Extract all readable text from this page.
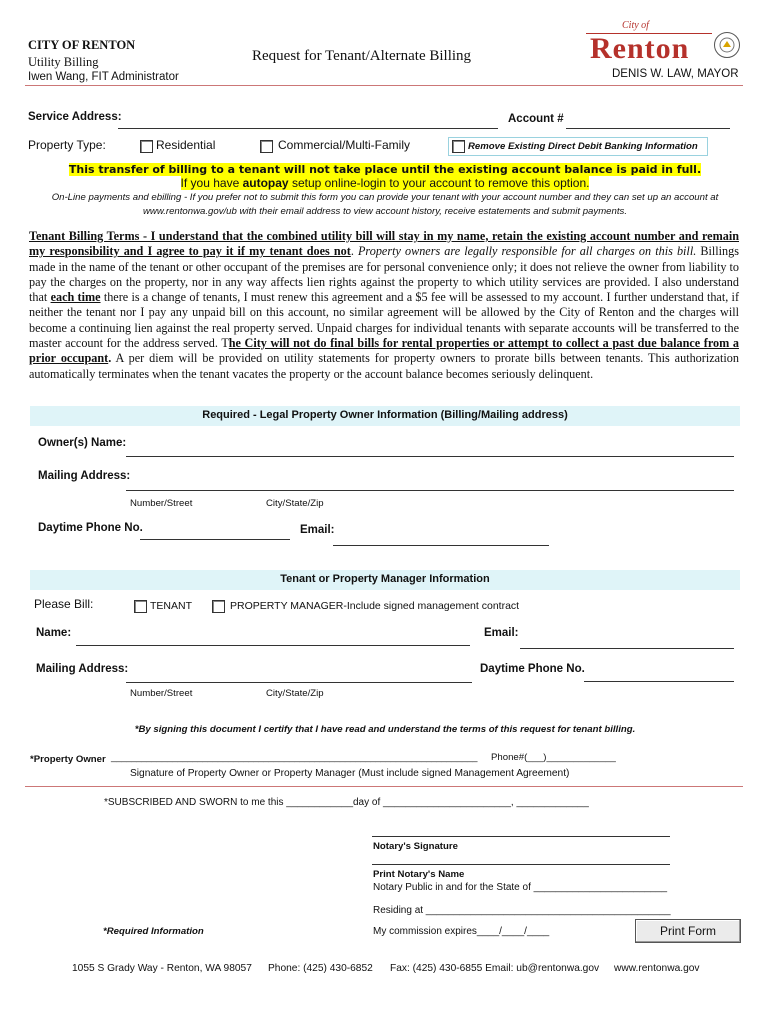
CITY OF RENTON
Utility Billing
Iwen Wang, FIT Administrator
Request for Tenant/Alternate Billing
City of
Renton
DENIS W. LAW, MAYOR
Service Address:	Account #
Property Type:	Residential	Commercial/Multi-Family	Remove Existing Direct Debit Banking Information
This transfer of billing to a tenant will not take place until the existing account balance is paid in full.
If you have autopay setup online-login to your account to remove this option.
On-Line payments and ebilling - If you prefer not to submit this form you can provide your tenant with your account number and they can set up an account at
www.rentonwa.gov/ub with their email address to view account history, receive estatements and submit payments.

Tenant Billing Terms - I understand that the combined utility bill will stay in my name, retain the existing account number and remain my responsibility and I agree to pay it if my tenant does not. Property owners are legally responsible for all charges on this bill. Billings made in the name of the tenant or other occupant of the premises are for personal convenience only; it does not relieve the owner from liability to pay the charges on the property, nor in any way affects lien rights against the property to which utility services are provided. I also understand that each time there is a change of tenants, I must renew this agreement and a $5 fee will be assessed to my account. I further understand that, if neither the tenant nor I pay any unpaid bill on this account, no similar agreement will be allowed by the City of Renton and the charges will become a continuing lien against the real property served. Unpaid charges for individual tenants with separate accounts will be transferred to the master account for the address served. The City will not do final bills for rental properties or attempt to collect a past due balance from a prior occupant. A per diem will be provided on utility statements for property owners to prorate bills between tenants. This authorization automatically terminates when the tenant vacates the property or the account balance becomes seriously delinquent.

Required - Legal Property Owner Information (Billing/Mailing address)
Owner(s) Name:
Mailing Address:
Number/Street	City/State/Zip
Daytime Phone No.	Email:
Tenant or Property Manager Information
Please Bill:	TENANT	PROPERTY MANAGER-Include signed management contract
Name:	Email:
Mailing Address:	Daytime Phone No.
Number/Street	City/State/Zip
*By signing this document I certify that I have read and understand the terms of this request for tenant billing.
*Property Owner ________________________________________________________________________ Phone#(___)_____________
Signature of Property Owner or Property Manager (Must include signed Management Agreement)
*SUBSCRIBED AND SWORN to me this ____________day of _______________________, _____________
Notary's Signature
Print Notary's Name
Notary Public in and for the State of ________________________
Residing at ____________________________________________
*Required Information	My commission expires____/____/____	Print Form
1055 S Grady Way - Renton, WA 98057 Phone: (425) 430-6852 Fax: (425) 430-6855 Email: ub@rentonwa.gov www.rentonwa.gov
